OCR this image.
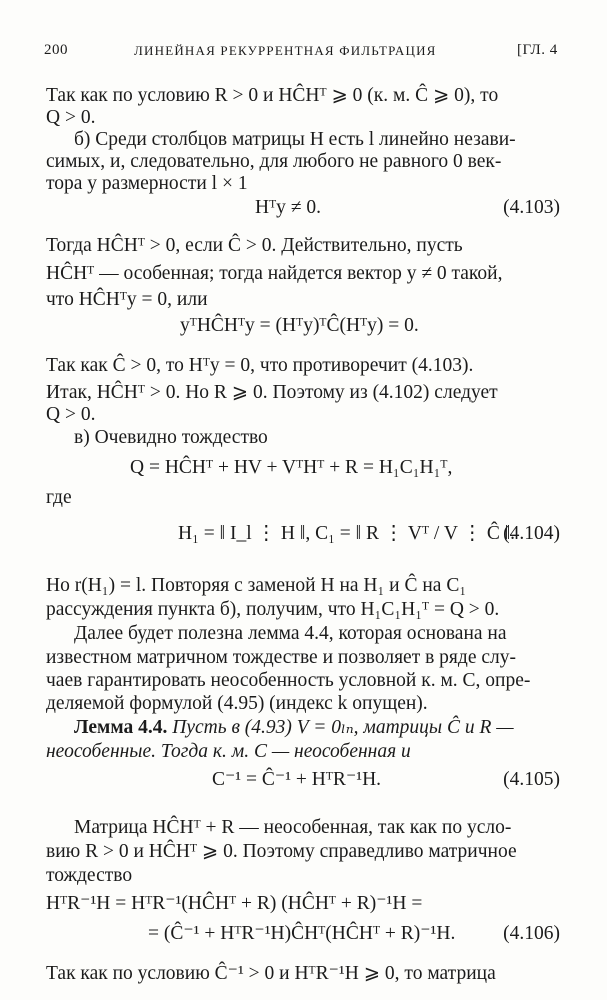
200	ЛИНЕЙНАЯ РЕКУРРЕНТНАЯ ФИЛЬТРАЦИЯ	[ГЛ. 4
Так как по условию R > 0 и HĈHᵀ ⩾ 0 (к. м. Ĉ ⩾ 0), то
Q > 0.
б) Среди столбцов матрицы H есть l линейно незави-
симых, и, следовательно, для любого не равного 0 век-
тора y размерности l × 1
Hᵀy ≠ 0.	(4.103)
Тогда HĈHᵀ > 0, если Ĉ > 0. Действительно, пусть
HĈHᵀ — особенная; тогда найдется вектор y ≠ 0 такой,
что HĈHᵀy = 0, или
yᵀHĈHᵀy = (Hᵀy)ᵀĈ(Hᵀy) = 0.
Так как Ĉ > 0, то Hᵀy = 0, что противоречит (4.103).
Итак, HĈHᵀ > 0. Но R ⩾ 0. Поэтому из (4.102) следует
Q > 0.
в) Очевидно тождество
Q = HĈHᵀ + HV + VᵀHᵀ + R = H₁C₁H₁ᵀ,
где
H₁ = ‖ I_l ⋮ H ‖, C₁ = ‖ R ⋮ Vᵀ / V ⋮ Ĉ ‖.
(4.104)
Но r(H₁) = l. Повторяя с заменой H на H₁ и Ĉ на C₁
рассуждения пункта б), получим, что H₁C₁H₁ᵀ = Q > 0.
Далее будет полезна лемма 4.4, которая основана на
известном матричном тождестве и позволяет в ряде слу-
чаев гарантировать неособенность условной к. м. C, опре-
деляемой формулой (4.95) (индекс k опущен).
Лемма 4.4. Пусть в (4.93) V = 0ₗₙ, матрицы Ĉ и R —
неособенные. Тогда к. м. C — неособенная и
C⁻¹ = Ĉ⁻¹ + HᵀR⁻¹H.	(4.105)
Матрица HĈHᵀ + R — неособенная, так как по усло-
вию R > 0 и HĈHᵀ ⩾ 0. Поэтому справедливо матричное
тождество
HᵀR⁻¹H = HᵀR⁻¹(HĈHᵀ + R) (HĈHᵀ + R)⁻¹H =
= (Ĉ⁻¹ + HᵀR⁻¹H)ĈHᵀ(HĈHᵀ + R)⁻¹H. (4.106)
Так как по условию Ĉ⁻¹ > 0 и HᵀR⁻¹H ⩾ 0, то матрица
